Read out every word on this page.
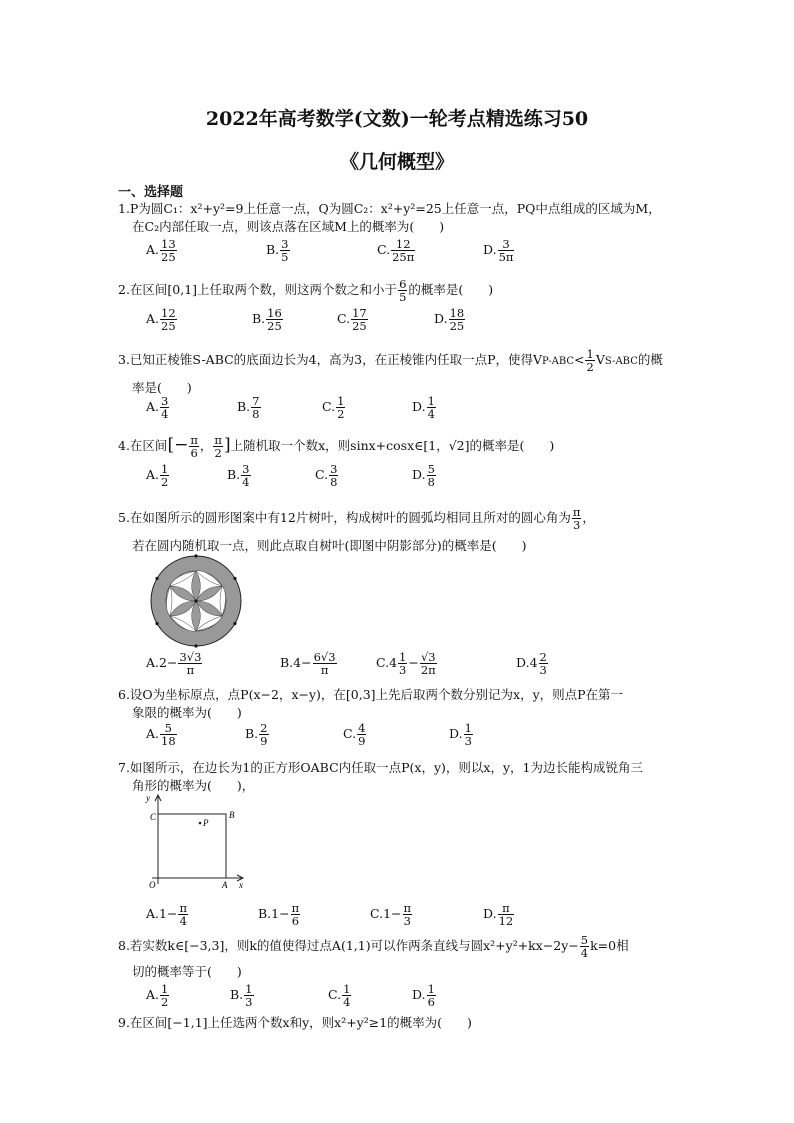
2022年高考数学(文数)一轮考点精选练习50
《几何概型》
一、选择题
1.P为圆C₁：x²+y²=9上任意一点，Q为圆C₂：x²+y²=25上任意一点，PQ中点组成的区域为M，
在C₂内部任取一点，则该点落在区域M上的概率为(　　)
A. $\frac{13}{25}$	B. $\frac{3}{5}$	C. $\frac{12}{25\pi}$	D. $\frac{3}{5\pi}$
2.在区间[0,1]上任取两个数，则这两个数之和小于 $\frac{6}{5}$ 的概率是(　　)
A. $\frac{12}{25}$	B. $\frac{16}{25}$	C. $\frac{17}{25}$	D. $\frac{18}{25}$
3.已知正棱锥S-ABC的底面边长为4，高为3，在正棱锥内任取一点P，使得$VP-ABC< \frac{1}{2} VS-ABC$的概
率是(　　)
A. $\frac{3}{4}$	B. $\frac{7}{8}$	C. $\frac{1}{2}$	D. $\frac{1}{4}$
4.在区间[− $\frac{\pi}{6}$ ， $\frac{\pi}{2}$ ]上随机取一个数x，则sinx+cosx∈[1，√2]的概率是(　　)
A. $\frac{1}{2}$	B. $\frac{3}{4}$	C. $\frac{3}{8}$	D. $\frac{5}{8}$
5.在如图所示的圆形图案中有12片树叶，构成树叶的圆弧均相同且所对的圆心角为 $\frac{\pi}{3}$ ，
若在圆内随机取一点，则此点取自树叶(即图中阴影部分)的概率是(　　)
$A.2- \frac{3√3}{\pi}$	$B.4- \frac{6√3}{\pi}$	$C.4 \frac{1}{3} - \frac{√3}{2\pi}$	$D.4 \frac{2}{3}$
6.设O为坐标原点，点P(x−2，x−y)，在[0,3]上先后取两个数分别记为x，y，则点P在第一
象限的概率为(　　)
A. $\frac{5}{18}$	B. $\frac{2}{9}$	C. $\frac{4}{9}$	D. $\frac{1}{3}$
7.如图所示，在边长为1的正方形OABC内任取一点P(x，y)，则以x，y，1为边长能构成锐角三
角形的概率为(　　)，
y
C	B
P
O	A x
$A.1- \frac{\pi}{4}$	$B.1- \frac{\pi}{6}$	$C.1- \frac{\pi}{3}$	D. $\frac{\pi}{12}$
8.若实数k∈[−3,3]，则k的值使得过点A(1,1)可以作两条直线与圆$x^2+y^2+kx-2y- \frac{5}{4} k=0$相
切的概率等于(　　)
A. $\frac{1}{2}$	B. $\frac{1}{3}$	C. $\frac{1}{4}$	D. $\frac{1}{6}$
9.在区间[−1,1]上任选两个数x和y，则x²+y²≥1的概率为(　　)
